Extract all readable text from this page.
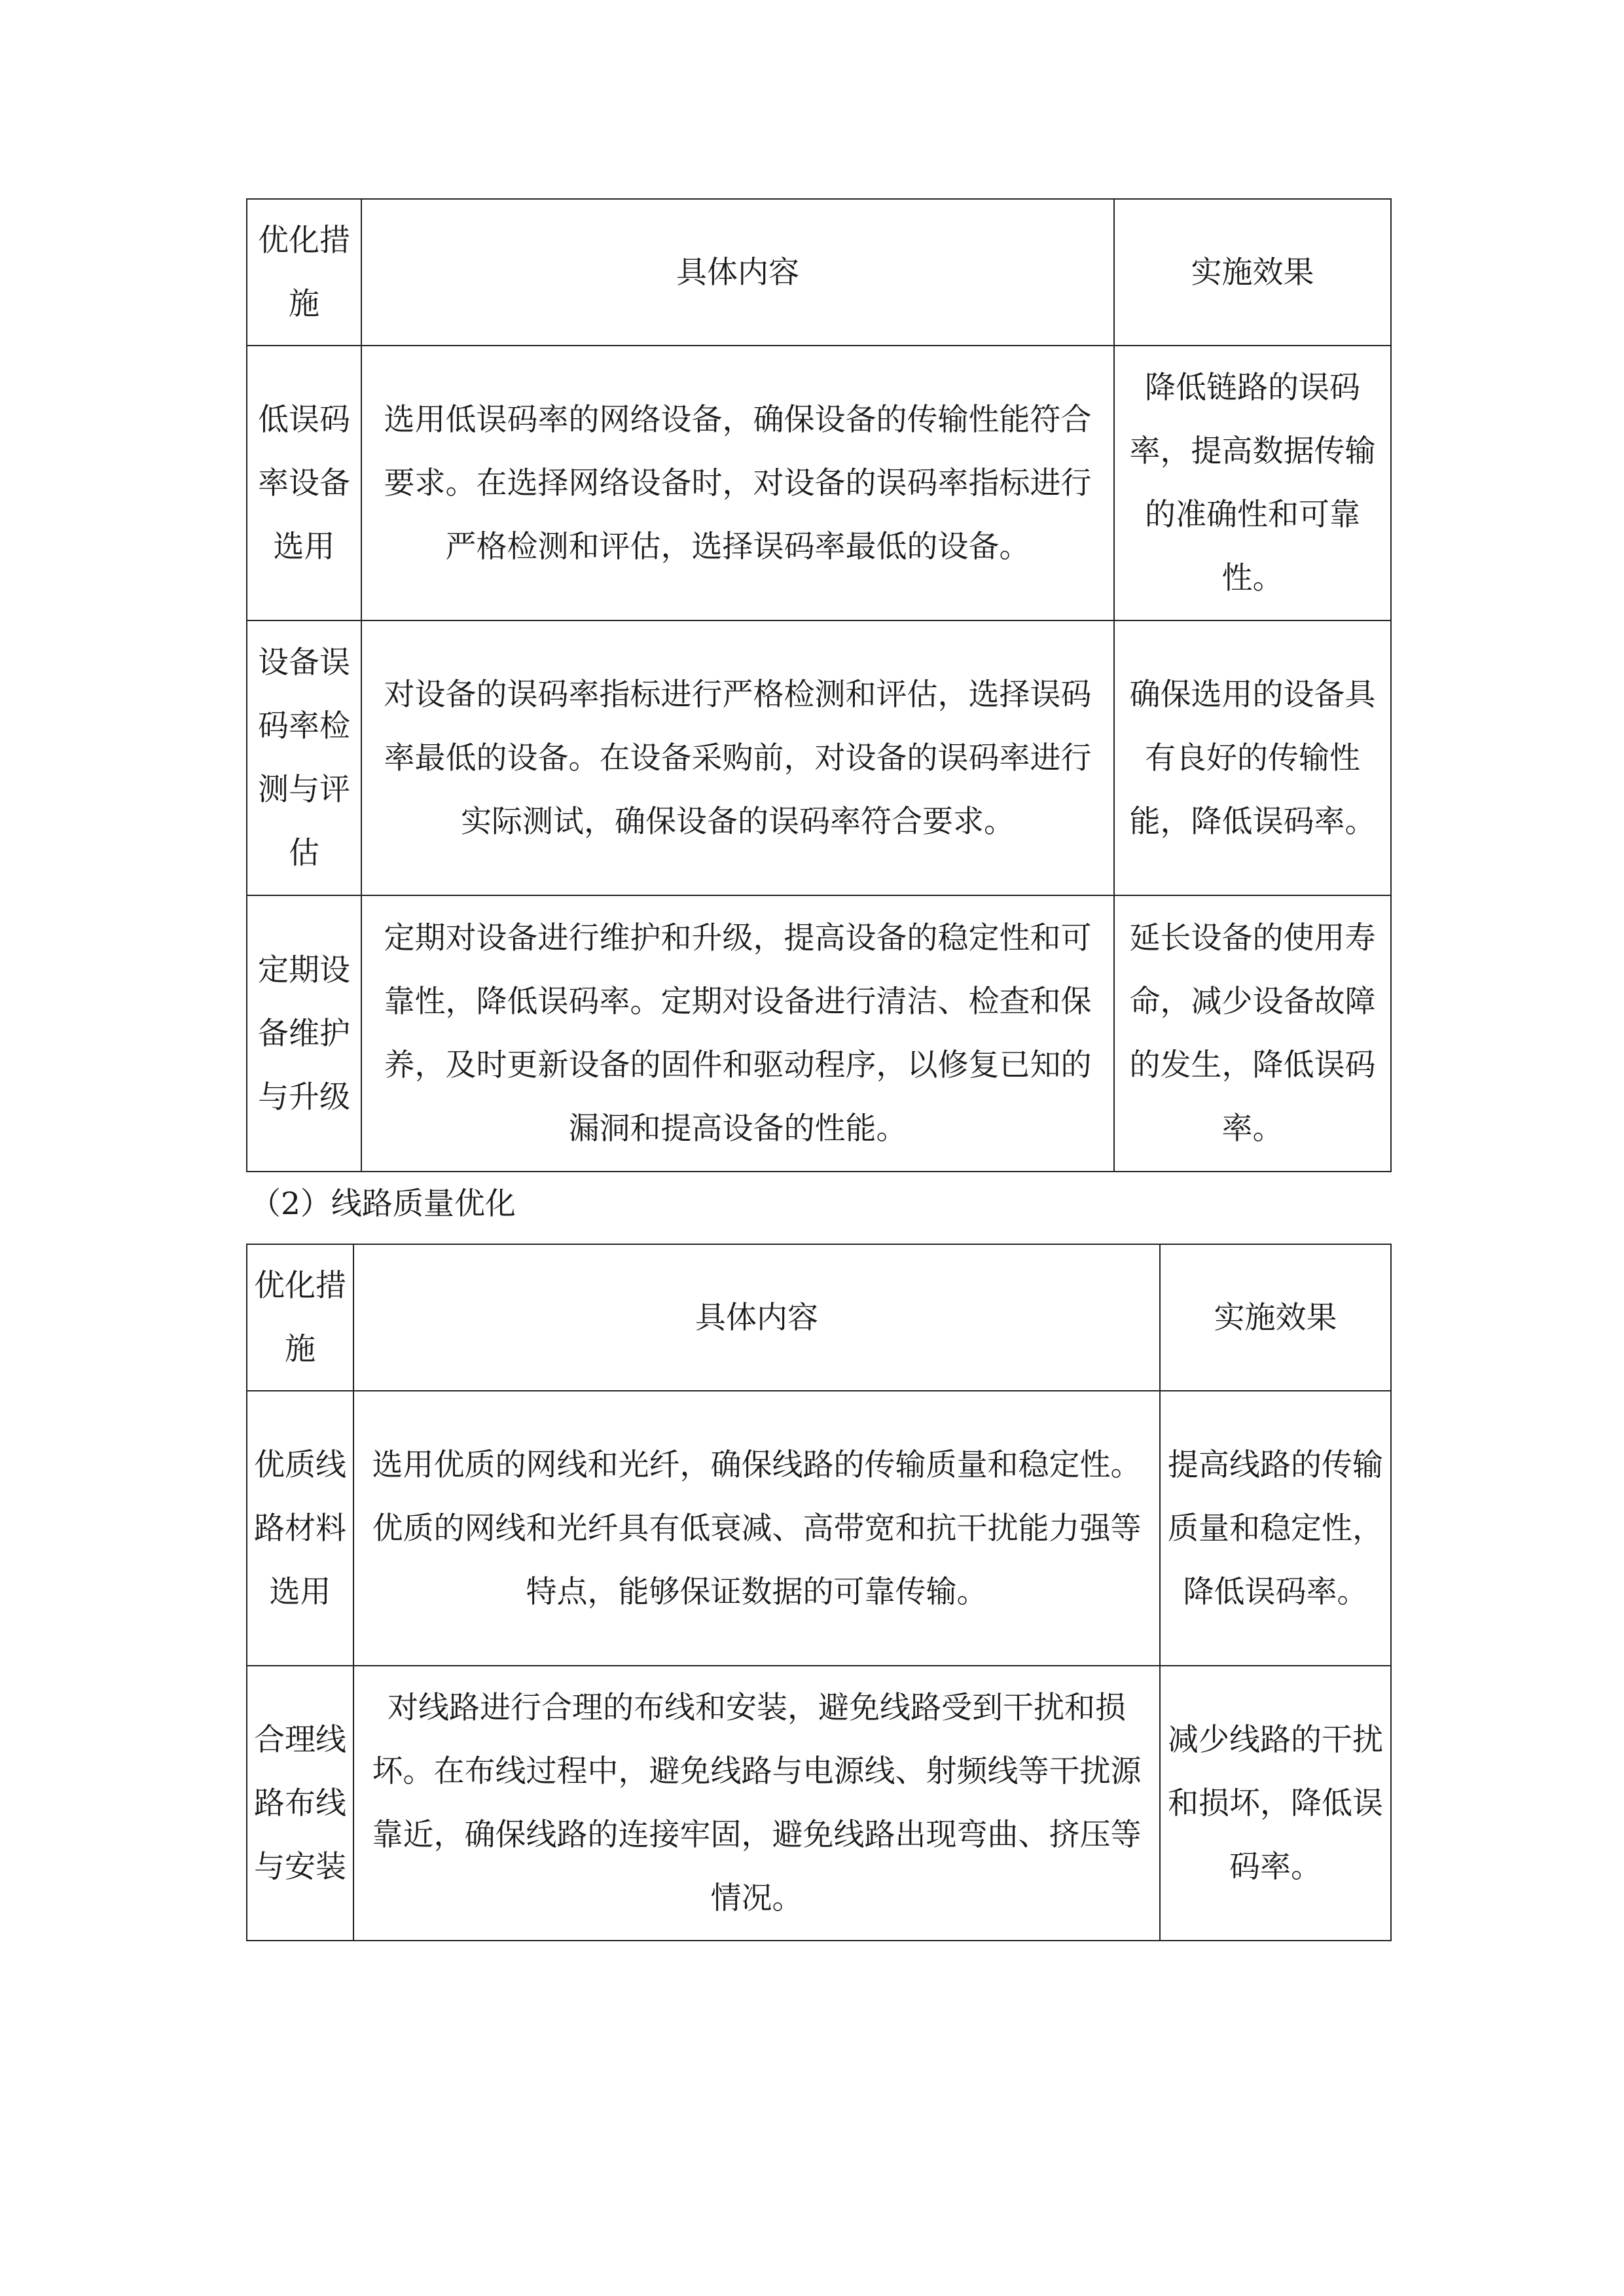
优化措施	具体内容	实施效果
低误码率设备选用	选用低误码率的网络设备，确保设备的传输性能符合要求。在选择网络设备时，对设备的误码率指标进行严格检测和评估，选择误码率最低的设备。	降低链路的误码率，提高数据传输的准确性和可靠性。
设备误码率检测与评估	对设备的误码率指标进行严格检测和评估，选择误码率最低的设备。在设备采购前，对设备的误码率进行实际测试，确保设备的误码率符合要求。	确保选用的设备具有良好的传输性能，降低误码率。
定期设备维护与升级	定期对设备进行维护和升级，提高设备的稳定性和可靠性，降低误码率。定期对设备进行清洁、检查和保养，及时更新设备的固件和驱动程序，以修复已知的漏洞和提高设备的性能。	延长设备的使用寿命，减少设备故障的发生，降低误码率。
（2）线路质量优化
优化措施	具体内容	实施效果
优质线路材料选用	选用优质的网线和光纤，确保线路的传输质量和稳定性。优质的网线和光纤具有低衰减、高带宽和抗干扰能力强等特点，能够保证数据的可靠传输。	提高线路的传输质量和稳定性，降低误码率。
合理线路布线与安装	对线路进行合理的布线和安装，避免线路受到干扰和损坏。在布线过程中，避免线路与电源线、射频线等干扰源靠近，确保线路的连接牢固，避免线路出现弯曲、挤压等情况。	减少线路的干扰和损坏，降低误码率。
